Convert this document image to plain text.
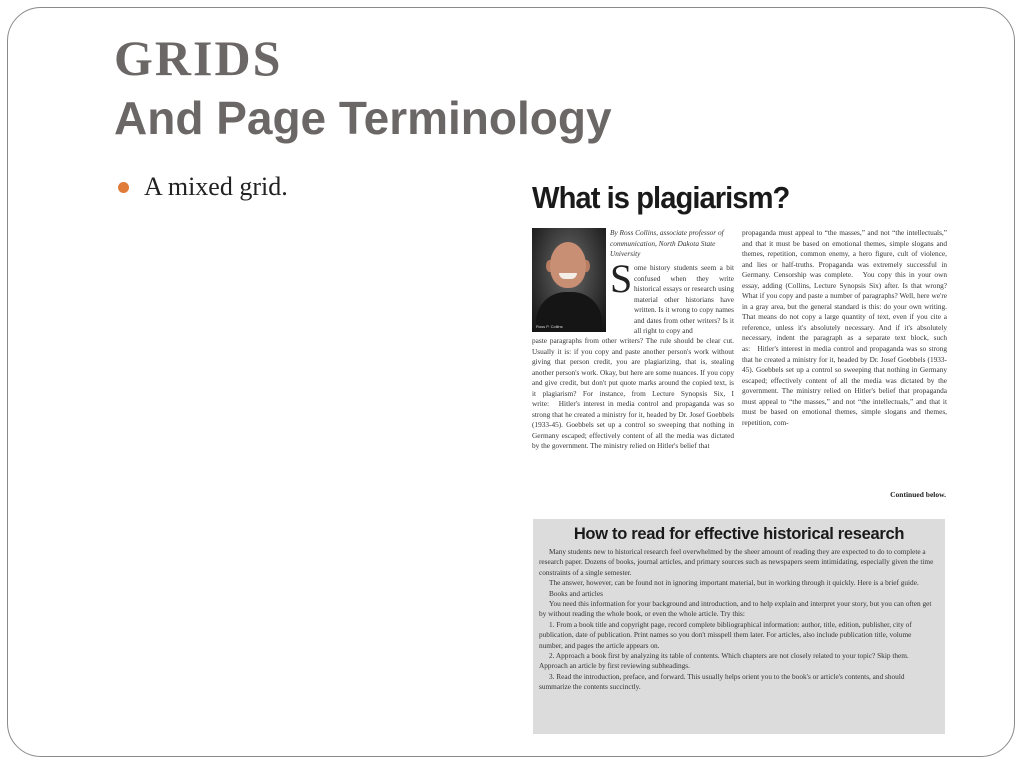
GRIDS
And Page Terminology
A mixed grid.	What is plagiarism?
Ross P. Collins
By Ross Collins, associate professor of communication, North Dakota State University
S ome history students seem a bit confused when they write historical essays or research using material other historians have written. Is it wrong to copy names and dates from other writers? Is it all right to copy and

paste paragraphs from other writers? The rule should be clear cut. Usually it is: if you copy and paste another person's work without giving that person credit, you are plagiarizing, that is, stealing another person's work. Okay, but here are some nuances. If you copy and give credit, but don't put quote marks around the copied text, is it plagiarism? For instance, from Lecture Synopsis Six, I write:   Hitler's interest in media control and propaganda was so strong that he created a ministry for it, headed by Dr. Josef Goebbels (1933-45). Goebbels set up a control so sweeping that nothing in Germany escaped; effectively content of all the media was dictated by the government. The ministry relied on Hitler's belief that

propaganda must appeal to “the masses,” and not “the intellectuals,” and that it must be based on emotional themes, simple slogans and themes, repetition, common enemy, a hero figure, cult of violence, and lies or half-truths. Propaganda was extremely successful in Germany. Censorship was complete.   You copy this in your own essay, adding (Collins, Lecture Synopsis Six) after. Is that wrong? What if you copy and paste a number of paragraphs? Well, here we're in a gray area, but the general standard is this: do your own writing. That means do not copy a large quantity of text, even if you cite a reference, unless it's absolutely necessary. And if it's absolutely necessary, indent the paragraph as a separate text block, such as:   Hitler's interest in media control and propaganda was so strong that he created a ministry for it, headed by Dr. Josef Goebbels (1933-45). Goebbels set up a control so sweeping that nothing in Germany escaped; effectively content of all the media was dictated by the government. The ministry relied on Hitler's belief that propaganda must appeal to “the masses,” and not “the intellectuals,” and that it must be based on emotional themes, simple slogans and themes, repetition, com-

Continued below.
How to read for effective historical research

Many students new to historical research feel overwhelmed by the sheer amount of reading they are expected to do to complete a research paper. Dozens of books, journal articles, and primary sources such as newspapers seem intimidating, especially given the time constraints of a single semester.

The answer, however, can be found not in ignoring important material, but in working through it quickly. Here is a brief guide.

Books and articles

You need this information for your background and introduction, and to help explain and interpret your story, but you can often get by without reading the whole book, or even the whole article. Try this:

1. From a book title and copyright page, record complete bibliographical information: author, title, edition, publisher, city of publication, date of publication. Print names so you don't misspell them later. For articles, also include publication title, volume number, and pages the article appears on.

2. Approach a book first by analyzing its table of contents. Which chapters are not closely related to your topic? Skip them. Approach an article by first reviewing subheadings.

3. Read the introduction, preface, and forward. This usually helps orient you to the book's or article's contents, and should summarize the contents succinctly.
